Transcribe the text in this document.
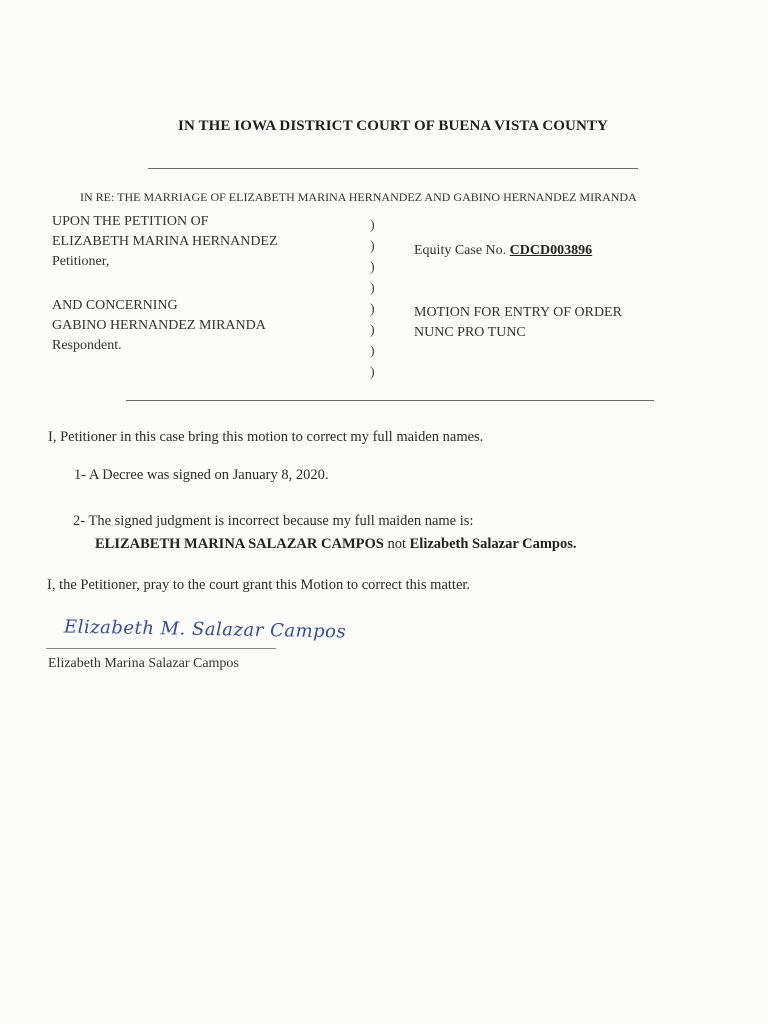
IN THE IOWA DISTRICT COURT OF BUENA VISTA COUNTY
IN RE: THE MARRIAGE OF ELIZABETH MARINA HERNANDEZ AND GABINO HERNANDEZ MIRANDA
UPON THE PETITION OF
ELIZABETH MARINA HERNANDEZ
Petitioner,
AND CONCERNING
GABINO HERNANDEZ MIRANDA
Respondent.
)
)
)
)
)
)
)
)
Equity Case No. CDCD003896
MOTION FOR ENTRY OF ORDER
NUNC PRO TUNC
I, Petitioner in this case bring this motion to correct my full maiden names.
1- A Decree was signed on January 8, 2020.
2- The signed judgment is incorrect because my full maiden name is:
ELIZABETH MARINA SALAZAR CAMPOS not Elizabeth Salazar Campos.
I, the Petitioner, pray to the court grant this Motion to correct this matter.
Elizabeth M. Salazar Campos
Elizabeth Marina Salazar Campos
